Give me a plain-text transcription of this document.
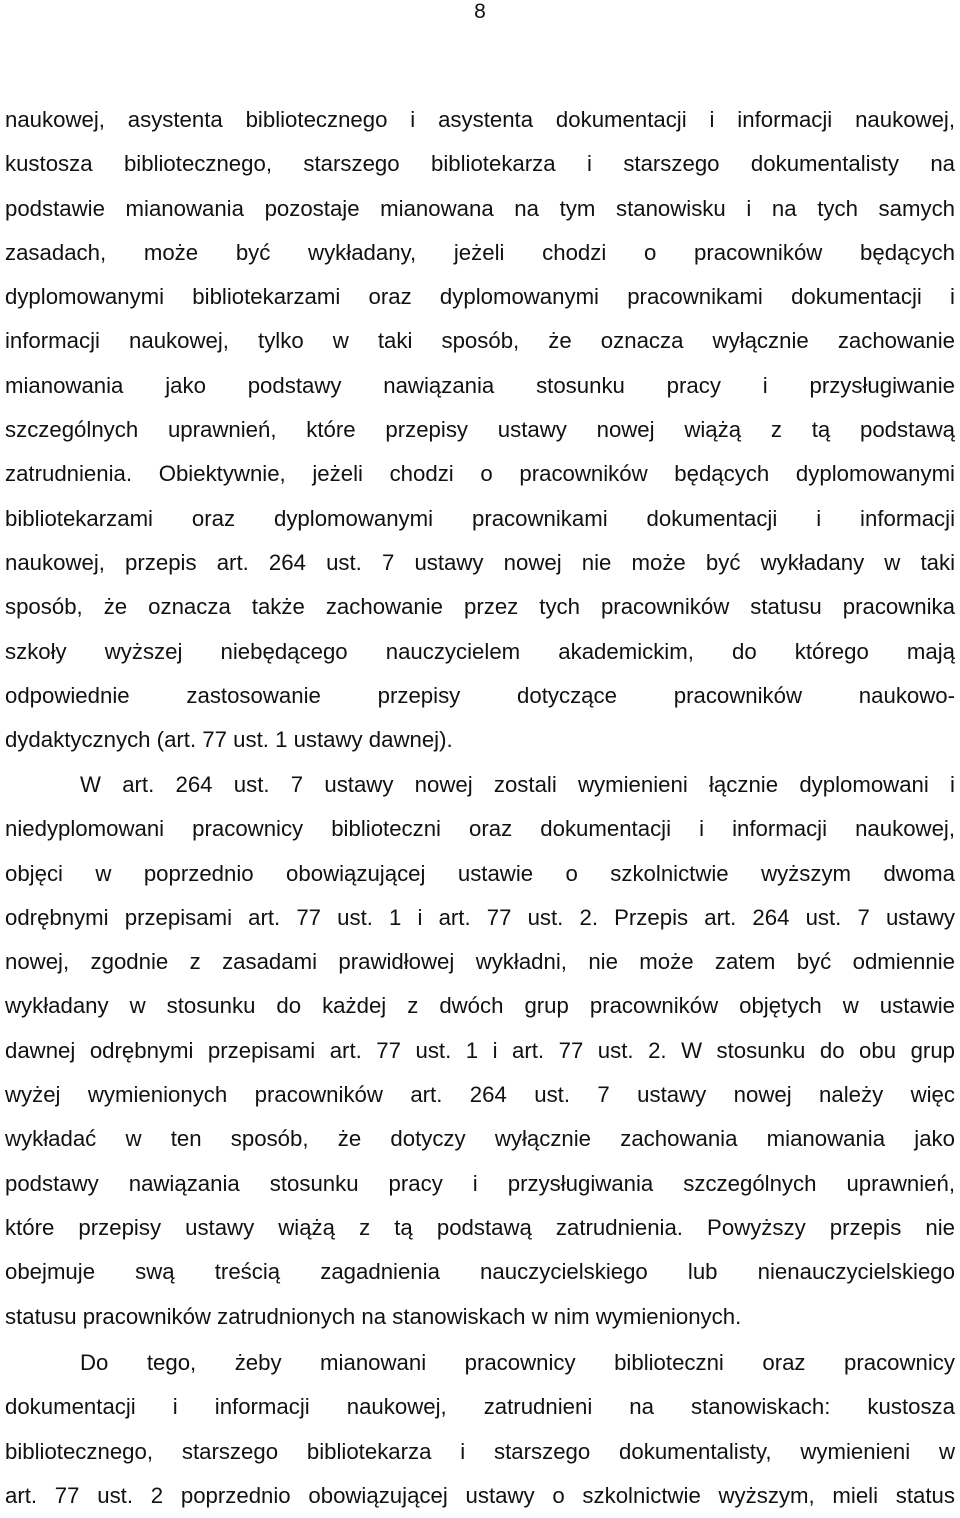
8
naukowej, asystenta bibliotecznego i asystenta dokumentacji i informacji naukowej,
kustosza bibliotecznego, starszego bibliotekarza i starszego dokumentalisty na
podstawie mianowania pozostaje mianowana na tym stanowisku i na tych samych
zasadach, może być wykładany, jeżeli chodzi o pracowników będących
dyplomowanymi bibliotekarzami oraz dyplomowanymi pracownikami dokumentacji i
informacji naukowej, tylko w taki sposób, że oznacza wyłącznie zachowanie
mianowania jako podstawy nawiązania stosunku pracy i przysługiwanie
szczególnych uprawnień, które przepisy ustawy nowej wiążą z tą podstawą
zatrudnienia. Obiektywnie, jeżeli chodzi o pracowników będących dyplomowanymi
bibliotekarzami oraz dyplomowanymi pracownikami dokumentacji i informacji
naukowej, przepis art. 264 ust. 7 ustawy nowej nie może być wykładany w taki
sposób, że oznacza także zachowanie przez tych pracowników statusu pracownika
szkoły wyższej niebędącego nauczycielem akademickim, do którego mają
odpowiednie zastosowanie przepisy dotyczące pracowników naukowo-
dydaktycznych (art. 77 ust. 1 ustawy dawnej).
W art. 264 ust. 7 ustawy nowej zostali wymienieni łącznie dyplomowani i
niedyplomowani pracownicy biblioteczni oraz dokumentacji i informacji naukowej,
objęci w poprzednio obowiązującej ustawie o szkolnictwie wyższym dwoma
odrębnymi przepisami art. 77 ust. 1 i art. 77 ust. 2. Przepis art. 264 ust. 7 ustawy
nowej, zgodnie z zasadami prawidłowej wykładni, nie może zatem być odmiennie
wykładany w stosunku do każdej z dwóch grup pracowników objętych w ustawie
dawnej odrębnymi przepisami art. 77 ust. 1 i art. 77 ust. 2. W stosunku do obu grup
wyżej wymienionych pracowników art. 264 ust. 7 ustawy nowej należy więc
wykładać w ten sposób, że dotyczy wyłącznie zachowania mianowania jako
podstawy nawiązania stosunku pracy i przysługiwania szczególnych uprawnień,
które przepisy ustawy wiążą z tą podstawą zatrudnienia. Powyższy przepis nie
obejmuje swą treścią zagadnienia nauczycielskiego lub nienauczycielskiego
statusu pracowników zatrudnionych na stanowiskach w nim wymienionych.
Do tego, żeby mianowani pracownicy biblioteczni oraz pracownicy
dokumentacji i informacji naukowej, zatrudnieni na stanowiskach: kustosza
bibliotecznego, starszego bibliotekarza i starszego dokumentalisty, wymienieni w
art. 77 ust. 2 poprzednio obowiązującej ustawy o szkolnictwie wyższym, mieli status
